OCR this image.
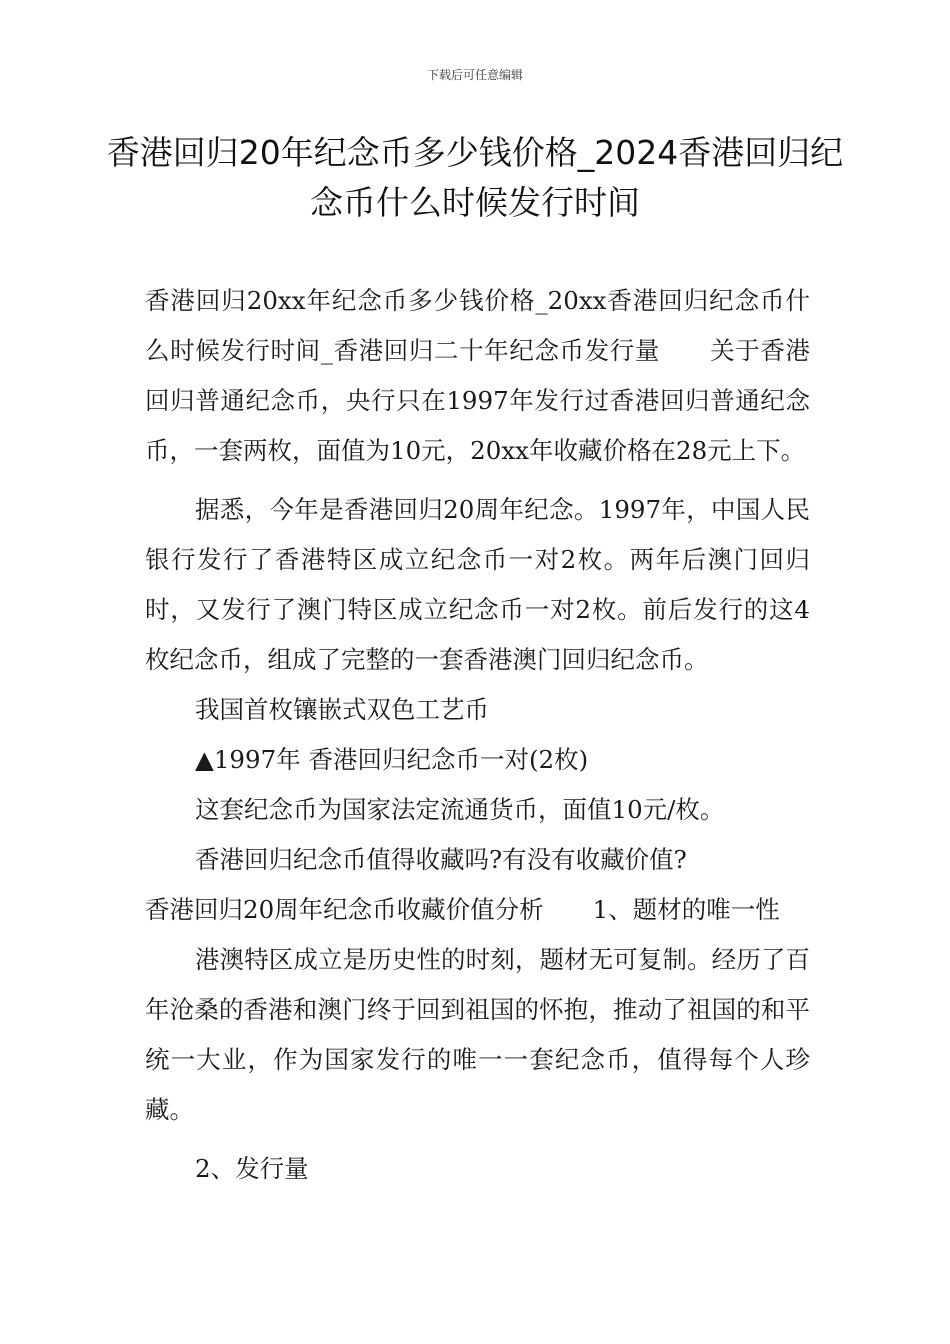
下载后可任意编辑
香港回归20年纪念币多少钱价格_2024香港回归纪念币什么时候发行时间

香港回归20xx年纪念币多少钱价格_20xx香港回归纪念币什么时候发行时间_香港回归二十年纪念币发行量　　关于香港回归普通纪念币，央行只在1997年发行过香港回归普通纪念币，一套两枚，面值为10元，20xx年收藏价格在28元上下。

据悉，今年是香港回归20周年纪念。1997年，中国人民银行发行了香港特区成立纪念币一对2枚。两年后澳门回归时，又发行了澳门特区成立纪念币一对2枚。前后发行的这4枚纪念币，组成了完整的一套香港澳门回归纪念币。

我国首枚镶嵌式双色工艺币

▲1997年 香港回归纪念币一对(2枚)

这套纪念币为国家法定流通货币，面值10元/枚。

香港回归纪念币值得收藏吗?有没有收藏价值?

香港回归20周年纪念币收藏价值分析　　1、题材的唯一性

港澳特区成立是历史性的时刻，题材无可复制。经历了百年沧桑的香港和澳门终于回到祖国的怀抱，推动了祖国的和平统一大业，作为国家发行的唯一一套纪念币，值得每个人珍藏。

2、发行量
